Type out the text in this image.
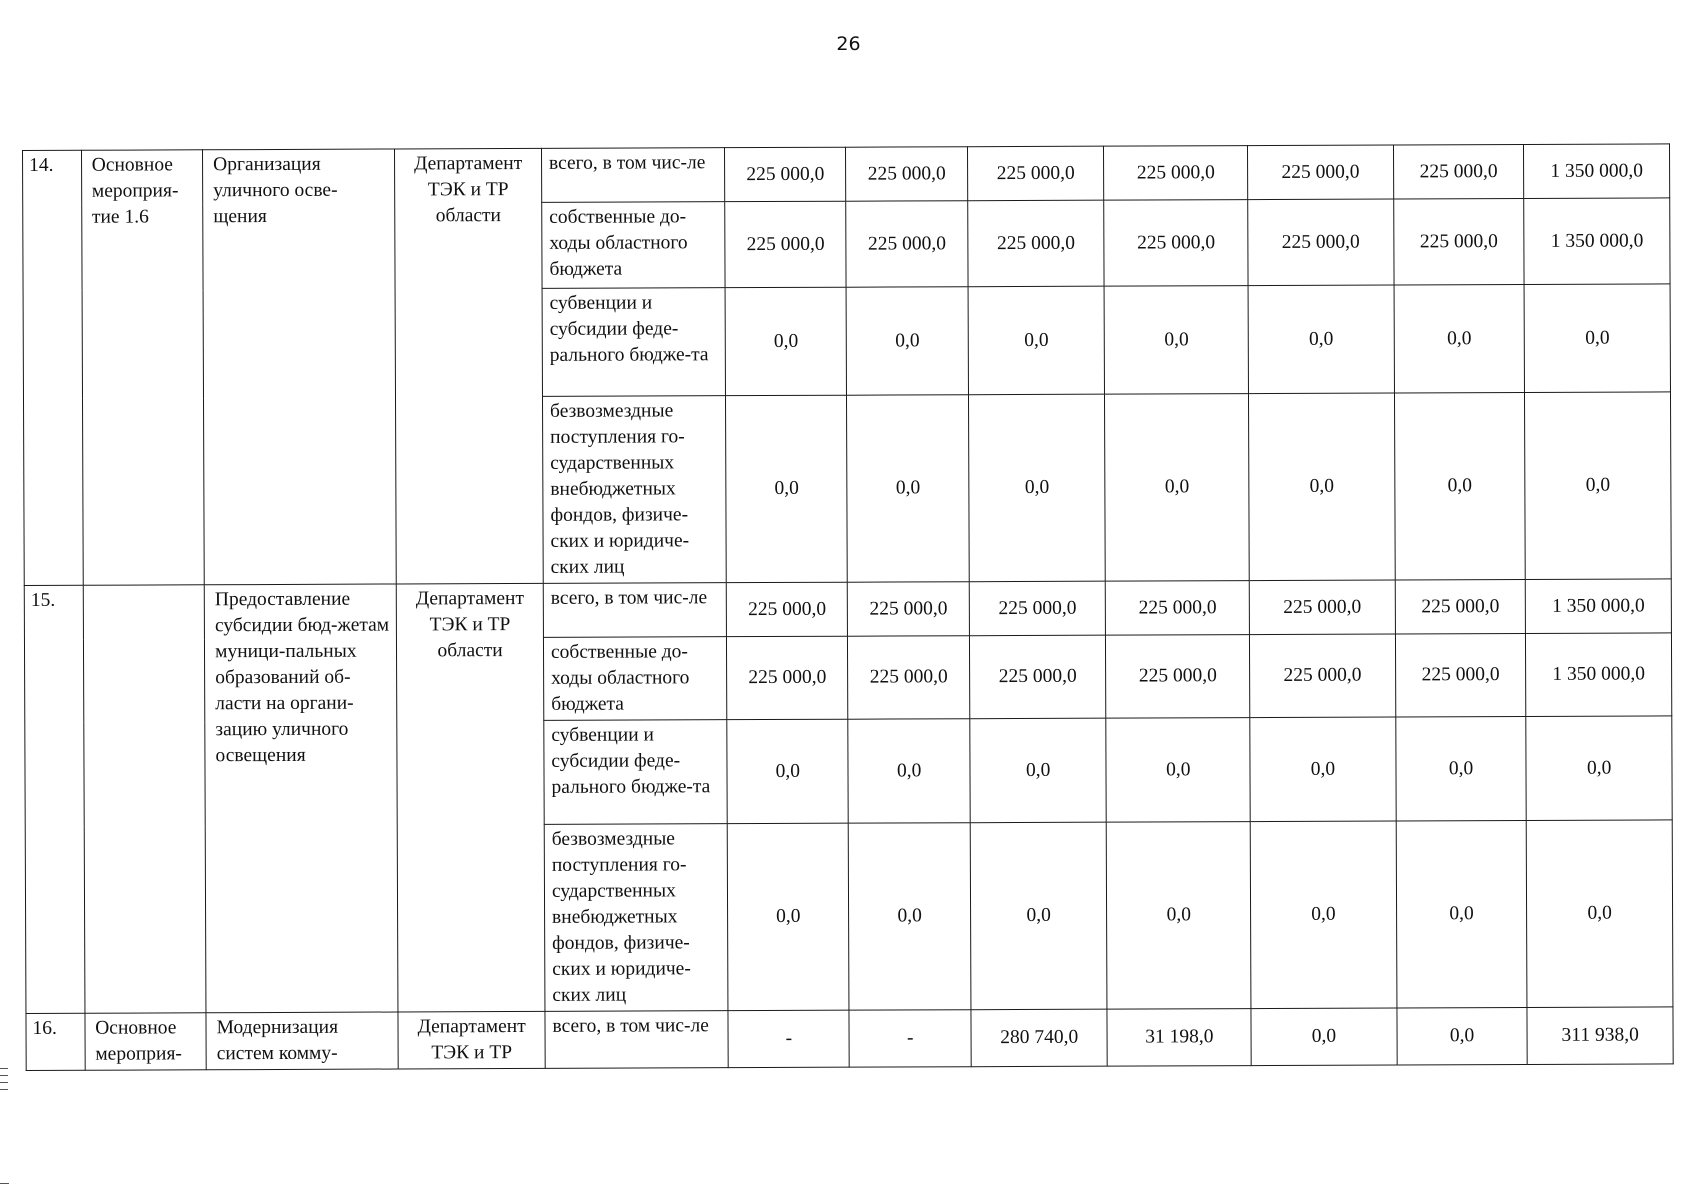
26
14.	Основное мероприя-тие 1.6	Организация уличного осве-щения	Департамент ТЭК и ТР области	всего, в том чис-ле	225 000,0	225 000,0	225 000,0	225 000,0	225 000,0	225 000,0	1 350 000,0
				собственные до-ходы областного бюджета	225 000,0	225 000,0	225 000,0	225 000,0	225 000,0	225 000,0	1 350 000,0
				субвенции и субсидии феде-рального бюдже-та	0,0	0,0	0,0	0,0	0,0	0,0	0,0
				безвозмездные поступления го-сударственных внебюджетных фондов, физиче-ских и юридиче-ских лиц	0,0	0,0	0,0	0,0	0,0	0,0	0,0
15.		Предоставление субсидии бюд-жетам муници-пальных образований об-ласти на органи-зацию уличного освещения	Департамент ТЭК и ТР области	всего, в том чис-ле	225 000,0	225 000,0	225 000,0	225 000,0	225 000,0	225 000,0	1 350 000,0
				собственные до-ходы областного бюджета	225 000,0	225 000,0	225 000,0	225 000,0	225 000,0	225 000,0	1 350 000,0
				субвенции и субсидии феде-рального бюдже-та	0,0	0,0	0,0	0,0	0,0	0,0	0,0
				безвозмездные поступления го-сударственных внебюджетных фондов, физиче-ских и юридиче-ских лиц	0,0	0,0	0,0	0,0	0,0	0,0	0,0
16.	Основное мероприя-	Модернизация систем комму-	Департамент ТЭК и ТР	всего, в том чис-ле	-	-	280 740,0	31 198,0	0,0	0,0	311 938,0
